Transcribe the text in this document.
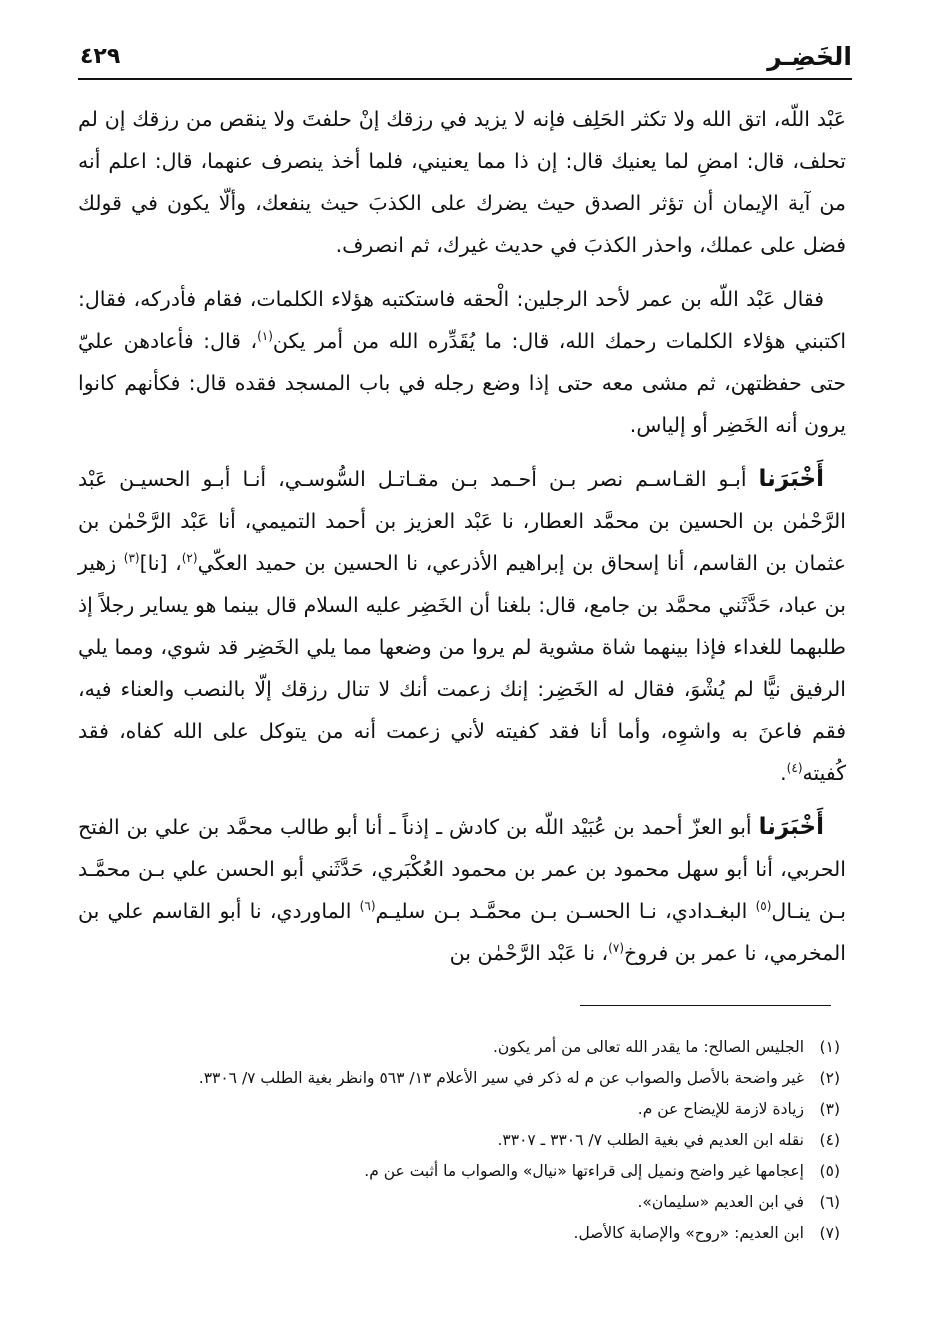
الخَضِـر
٤٢٩

عَبْد اللّه، اتق الله ولا تكثر الحَلِف فإنه لا يزيد في رزقك إنْ حلفتَ ولا ينقص من رزقك إن لم تحلف، قال: امضِ لما يعنيك قال: إن ذا مما يعنيني، فلما أخذ ينصرف عنهما، قال: اعلم أنه من آية الإيمان أن تؤثر الصدق حيث يضرك على الكذبَ حيث ينفعك، وألّا يكون في قولك فضل على عملك، واحذر الكذبَ في حديث غيرك، ثم انصرف.

فقال عَبْد اللّه بن عمر لأحد الرجلين: الْحقه فاستكتبه هؤلاء الكلمات، فقام فأدركه، فقال: اكتبني هؤلاء الكلمات رحمك الله، قال: ما يُقَدِّره الله من أمر يكن$^{(١)}$، قال: فأعادهن عليّ حتى حفظتهن، ثم مشى معه حتى إذا وضع رجله في باب المسجد فقده قال: فكأنهم كانوا يرون أنه الخَضِر أو إلياس.

أَخْبَرَنا أبـو القـاسـم نصر بـن أحـمد بـن مقـاتـل السُّوسـي، أنـا أبـو الحسيـن عَبْد الرَّحْمٰن بن الحسين بن محمَّد العطار، نا عَبْد العزيز بن أحمد التميمي، أنا عَبْد الرَّحْمٰن بن عثمان بن القاسم، أنا إسحاق بن إبراهيم الأذرعي، نا الحسين بن حميد العكّي$^{(٢)}$، [نا]$^{(٣)}$ زهير بن عباد، حَدَّثَني محمَّد بن جامع، قال: بلغنا أن الخَضِر عليه السلام قال بينما هو يساير رجلاً إذ طلبهما للغداء فإذا بينهما شاة مشوية لم يروا من وضعها مما يلي الخَضِر قد شوي، ومما يلي الرفيق نيًّا لم يُشْوَ، فقال له الخَضِر: إنك زعمت أنك لا تنال رزقك إلّا بالنصب والعناء فيه، فقم فاعنَ به واشوِه، وأما أنا فقد كفيته لأني زعمت أنه من يتوكل على الله كفاه، فقد كُفيته$^{(٤)}$.

أَخْبَرَنا أبو العزّ أحمد بن عُبَيْد اللّه بن كادش ـ إذناً ـ أنا أبو طالب محمَّد بن علي بن الفتح الحربي، أنا أبو سهل محمود بن عمر بن محمود العُكْبَري، حَدَّثَني أبو الحسن علي بـن محمَّـد بـن ينـال$^{(٥)}$ البغـدادي، نـا الحسـن بـن محمَّـد بـن سليـم$^{(٦)}$ الماوردي، نا أبو القاسم علي بن المخرمي، نا عمر بن فروخ$^{(٧)}$، نا عَبْد الرَّحْمٰن بن

(١)الجليس الصالح: ما يقدر الله تعالى من أمر يكون.
(٢)غير واضحة بالأصل والصواب عن م له ذكر في سير الأعلام ١٣/ ٥٦٣ وانظر بغية الطلب ٧/ ٣٣٠٦.
(٣)زيادة لازمة للإيضاح عن م.
(٤)نقله ابن العديم في بغية الطلب ٧/ ٣٣٠٦ ـ ٣٣٠٧.
(٥)إعجامها غير واضح ونميل إلى قراءتها «نيال» والصواب ما أثبت عن م.
(٦)في ابن العديم «سليمان».
(٧)ابن العديم: «روح» والإصابة كالأصل.
